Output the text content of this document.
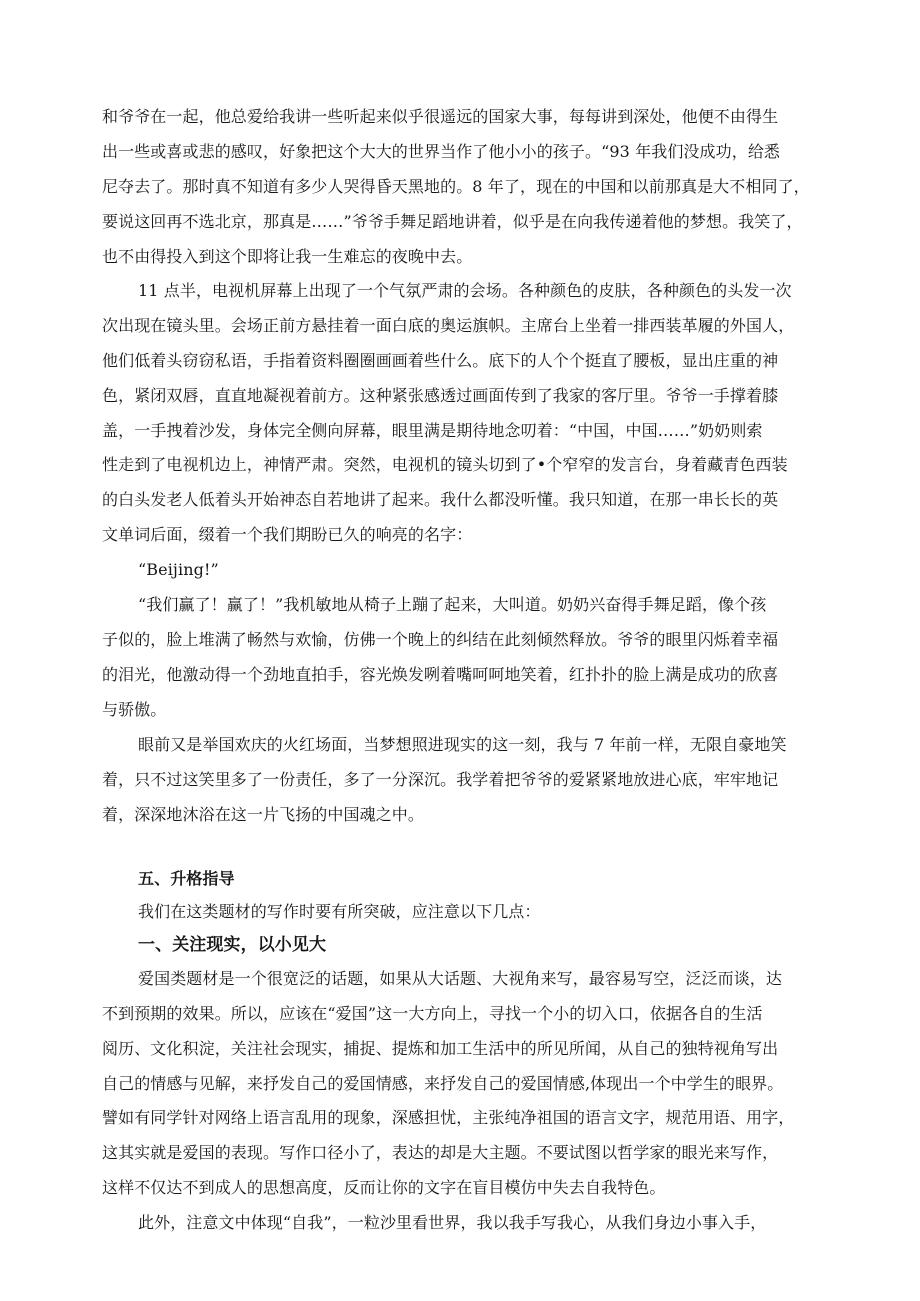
和爷爷在一起，他总爱给我讲一些听起来似乎很遥远的国家大事，每每讲到深处，他便不由得生
出一些或喜或悲的感叹，好象把这个大大的世界当作了他小小的孩子。“93 年我们没成功，给悉
尼夺去了。那时真不知道有多少人哭得昏天黑地的。8 年了，现在的中国和以前那真是大不相同了，
要说这回再不选北京，那真是……”爷爷手舞足蹈地讲着，似乎是在向我传递着他的梦想。我笑了，
也不由得投入到这个即将让我一生难忘的夜晚中去。
11 点半，电视机屏幕上出现了一个气氛严肃的会场。各种颜色的皮肤，各种颜色的头发一次
次出现在镜头里。会场正前方悬挂着一面白底的奥运旗帜。主席台上坐着一排西装革履的外国人，
他们低着头窃窃私语，手指着资料圈圈画画着些什么。底下的人个个挺直了腰板，显出庄重的神
色，紧闭双唇，直直地凝视着前方。这种紧张感透过画面传到了我家的客厅里。爷爷一手撑着膝
盖，一手拽着沙发，身体完全侧向屏幕，眼里满是期待地念叨着：“中国，中国……”奶奶则索
性走到了电视机边上，神情严肃。突然，电视机的镜头切到了•个窄窄的发言台，身着藏青色西装
的白头发老人低着头开始神态自若地讲了起来。我什么都没听懂。我只知道，在那一串长长的英
文单词后面，缀着一个我们期盼已久的响亮的名字：
“Beijing!”
“我们赢了！赢了！”我机敏地从椅子上蹦了起来，大叫道。奶奶兴奋得手舞足蹈，像个孩
子似的，脸上堆满了畅然与欢愉，仿佛一个晚上的纠结在此刻倾然释放。爷爷的眼里闪烁着幸福
的泪光，他激动得一个劲地直拍手，容光焕发咧着嘴呵呵地笑着，红扑扑的脸上满是成功的欣喜
与骄傲。
眼前又是举国欢庆的火红场面，当梦想照进现实的这一刻，我与 7 年前一样，无限自豪地笑
着，只不过这笑里多了一份责任，多了一分深沉。我学着把爷爷的爱紧紧地放进心底，牢牢地记
着，深深地沐浴在这一片飞扬的中国魂之中。
五、升格指导
我们在这类题材的写作时要有所突破，应注意以下几点：
一、关注现实，以小见大
爱国类题材是一个很宽泛的话题，如果从大话题、大视角来写，最容易写空，泛泛而谈，达
不到预期的效果。所以，应该在“爱国”这一大方向上，寻找一个小的切入口，依据各自的生活
阅历、文化积淀，关注社会现实，捕捉、提炼和加工生活中的所见所闻，从自己的独特视角写出
自己的情感与见解，来抒发自己的爱国情感，来抒发自己的爱国情感,体现出一个中学生的眼界。
譬如有同学针对网络上语言乱用的现象，深感担忧，主张纯净祖国的语言文字，规范用语、用字，
这其实就是爱国的表现。写作口径小了，表达的却是大主题。不要试图以哲学家的眼光来写作，
这样不仅达不到成人的思想高度，反而让你的文字在盲目模仿中失去自我特色。
此外，注意文中体现“自我”，一粒沙里看世界，我以我手写我心，从我们身边小事入手，
